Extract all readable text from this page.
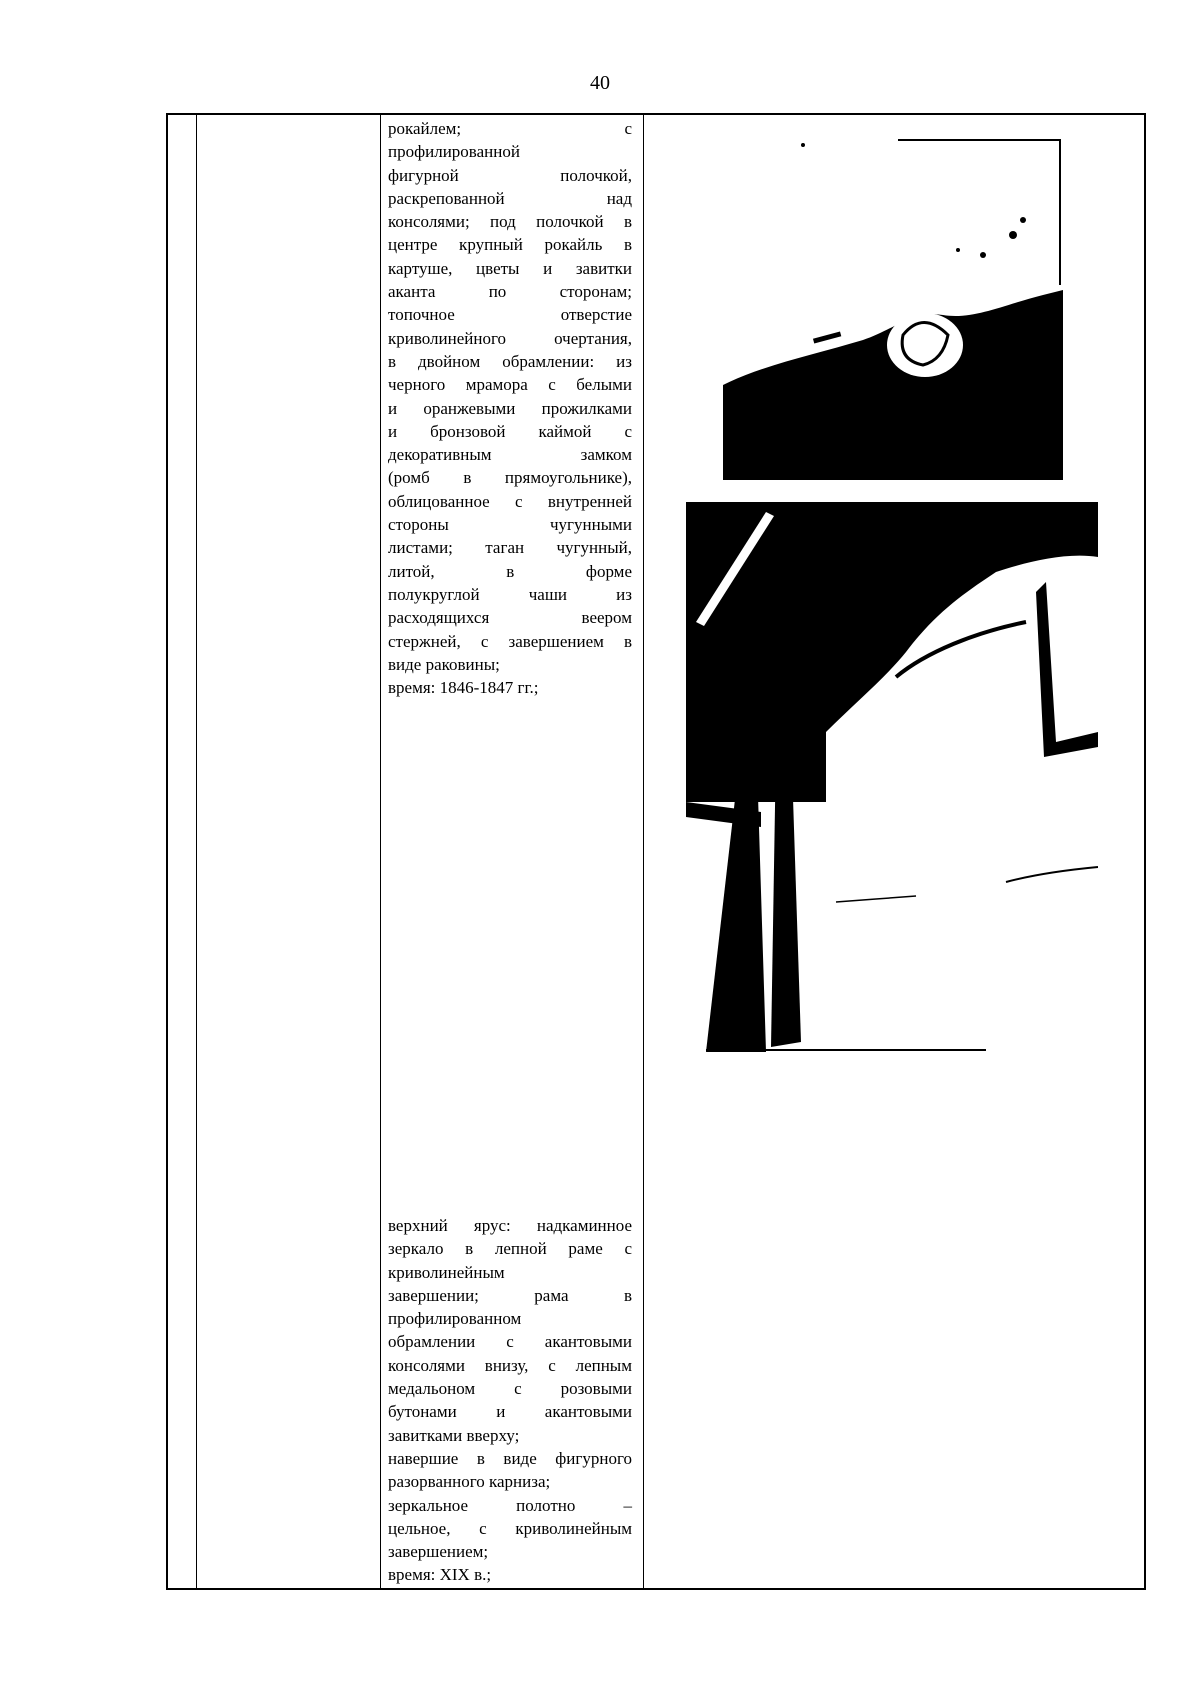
40

рокайлем; с

профилированной

фигурной полочкой,

раскрепованной над

консолями; под полочкой в

центре крупный рокайль в

картуше, цветы и завитки

аканта по сторонам;

топочное отверстие

криволинейного очертания,

в двойном обрамлении: из

черного мрамора с белыми

и оранжевыми прожилками

и бронзовой каймой с

декоративным замком

(ромб в прямоугольнике),

облицованное с внутренней

стороны чугунными

листами; таган чугунный,

литой, в форме

полукруглой чаши из

расходящихся веером

стержней, с завершением в

виде раковины;

время: 1846-1847 гг.;

верхний ярус: надкаминное

зеркало в лепной раме с

криволинейным

завершении; рама в

профилированном

обрамлении с акантовыми

консолями внизу, с лепным

медальоном с розовыми

бутонами и акантовыми

завитками вверху;

навершие в виде фигурного

разорванного карниза;

зеркальное полотно –

цельное, с криволинейным

завершением;

время: XIX в.;
